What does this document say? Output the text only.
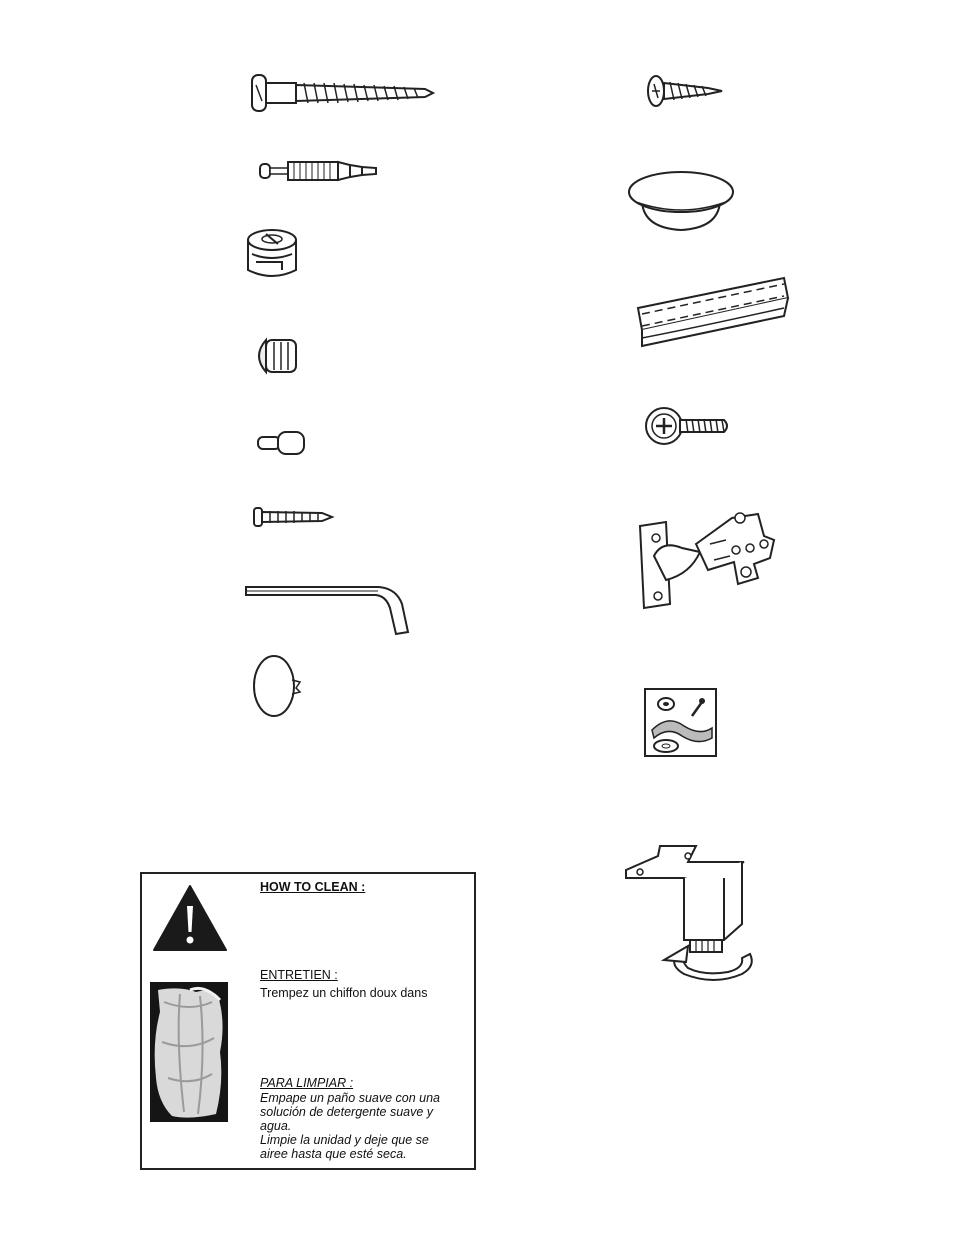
HOW TO CLEAN :
ENTRETIEN :
Trempez un chiffon doux dans
PARA LIMPIAR :

Empape un paño suave con una solución de detergente suave y agua.

Limpie la unidad y deje que se airee hasta que esté seca.
